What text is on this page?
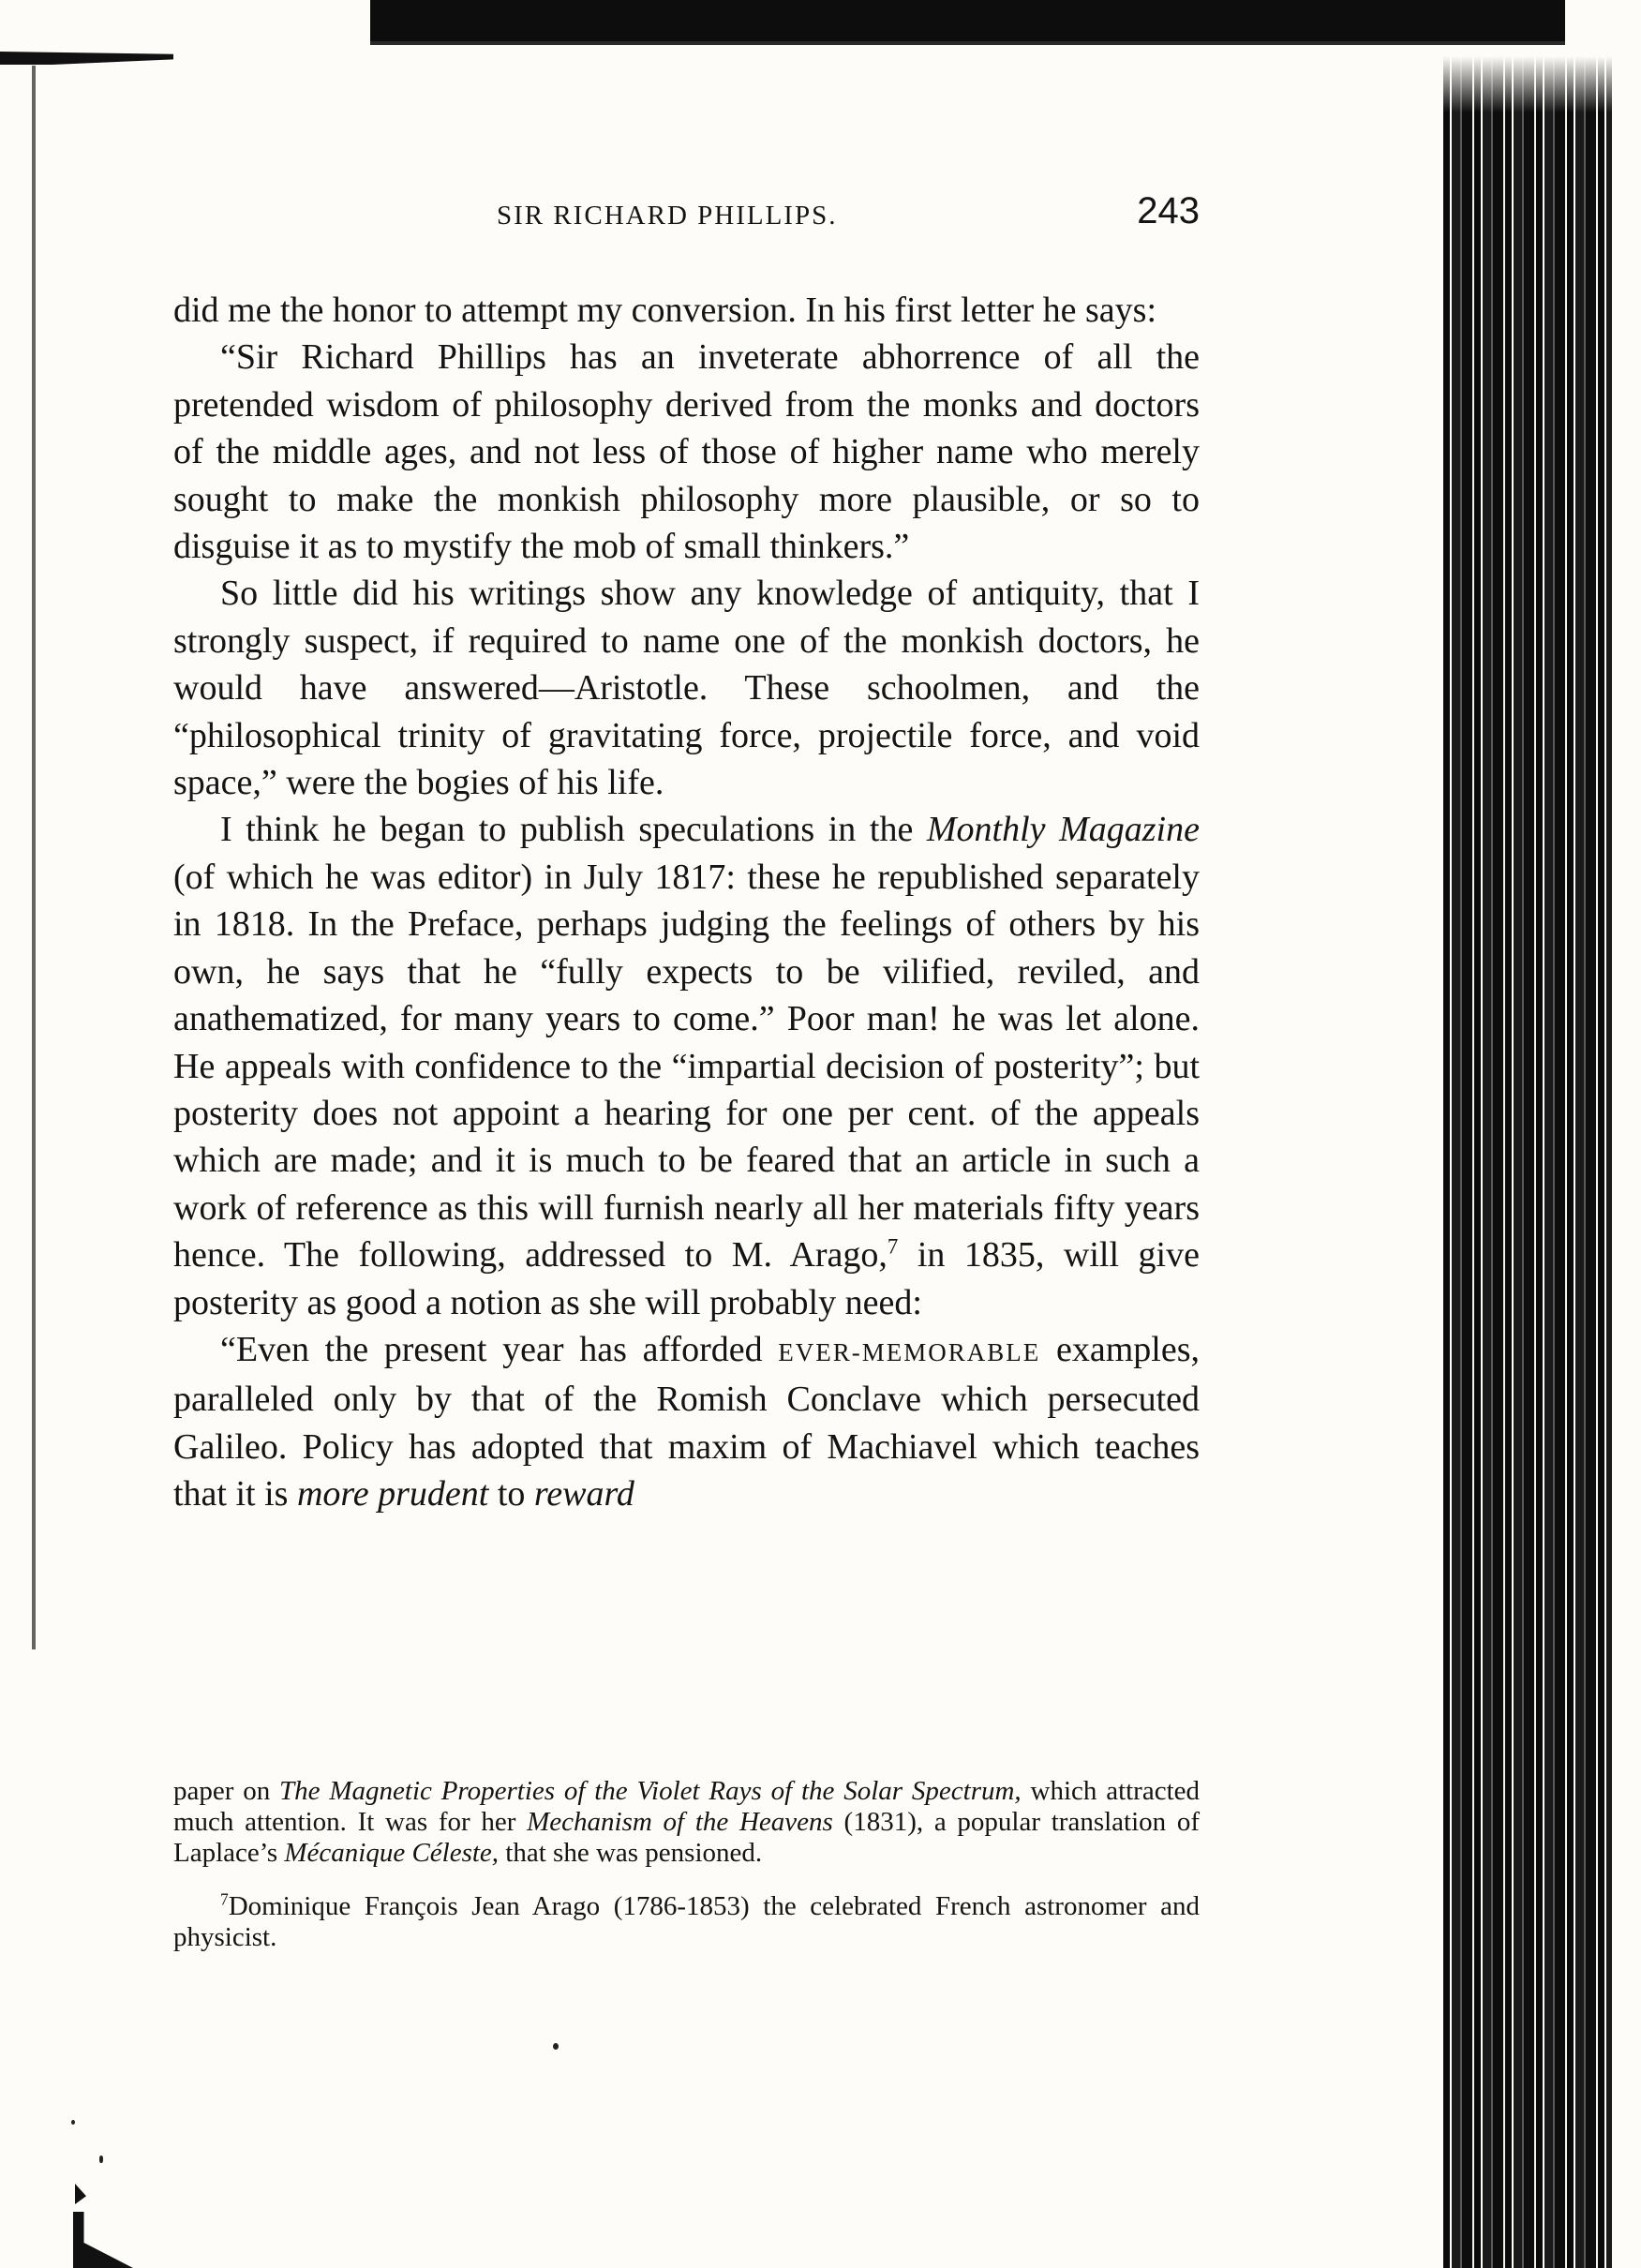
SIR RICHARD PHILLIPS.	243

did me the honor to attempt my conversion. In his first letter he says:

“Sir Richard Phillips has an inveterate abhorrence of all the pretended wisdom of philosophy derived from the monks and doctors of the middle ages, and not less of those of higher name who merely sought to make the monkish philosophy more plausible, or so to disguise it as to mystify the mob of small thinkers.”

So little did his writings show any knowledge of antiquity, that I strongly suspect, if required to name one of the monkish doctors, he would have answered—Aristotle. These schoolmen, and the “philosophical trinity of gravitating force, projectile force, and void space,” were the bogies of his life.

I think he began to publish speculations in the Monthly Magazine (of which he was editor) in July 1817: these he republished separately in 1818. In the Preface, perhaps judging the feelings of others by his own, he says that he “fully expects to be vilified, reviled, and anathematized, for many years to come.” Poor man! he was let alone. He appeals with confidence to the “impartial decision of posterity”; but posterity does not appoint a hearing for one per cent. of the appeals which are made; and it is much to be feared that an article in such a work of reference as this will furnish nearly all her materials fifty years hence. The following, addressed to M. Arago,$^7$ in 1835, will give posterity as good a notion as she will probably need:

“Even the present year has afforded EVER-MEMORABLE examples, paralleled only by that of the Romish Conclave which persecuted Galileo. Policy has adopted that maxim of Machiavel which teaches that it is more prudent to reward

paper on The Magnetic Properties of the Violet Rays of the Solar Spectrum, which attracted much attention. It was for her Mechanism of the Heavens (1831), a popular translation of Laplace’s Mécanique Céleste, that she was pensioned.

$^7$Dominique François Jean Arago (1786-1853) the celebrated French astronomer and physicist.
